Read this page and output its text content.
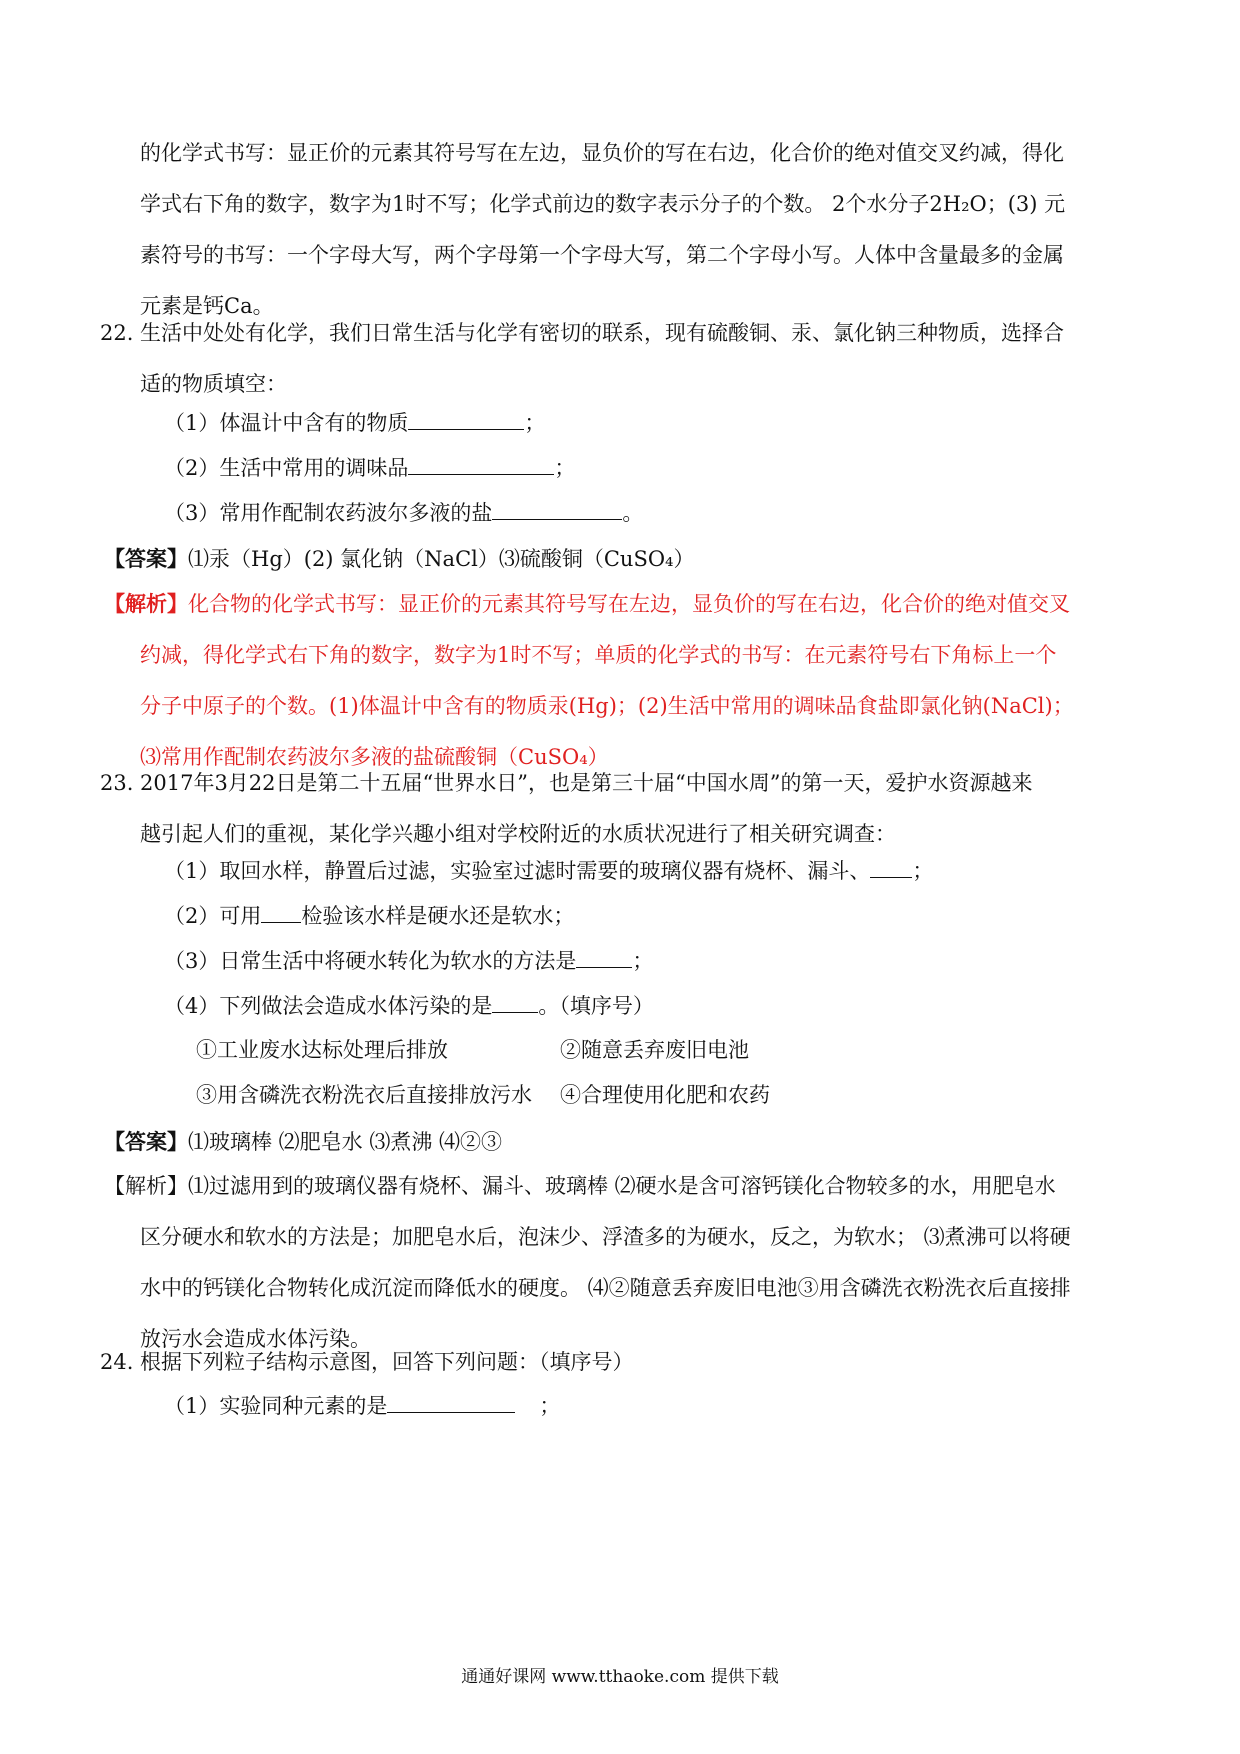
的化学式书写：显正价的元素其符号写在左边，显负价的写在右边，化合价的绝对值交叉约减，得化
学式右下角的数字，数字为1时不写；化学式前边的数字表示分子的个数。 2个水分子2H₂O；(3) 元
素符号的书写：一个字母大写，两个字母第一个字母大写，第二个字母小写。人体中含量最多的金属
元素是钙Ca。
22. 生活中处处有化学，我们日常生活与化学有密切的联系，现有硫酸铜、汞、氯化钠三种物质，选择合
适的物质填空：
（1）体温计中含有的物质	；
（2）生活中常用的调味品	；
（3）常用作配制农药波尔多液的盐	。
【答案】⑴汞（Hg）(2) 氯化钠（NaCl）⑶硫酸铜（CuSO₄）
【解析】化合物的化学式书写：显正价的元素其符号写在左边，显负价的写在右边，化合价的绝对值交叉
约减，得化学式右下角的数字，数字为1时不写；单质的化学式的书写：在元素符号右下角标上一个
分子中原子的个数。(1)体温计中含有的物质汞(Hg)；(2)生活中常用的调味品食盐即氯化钠(NaCl)；
⑶常用作配制农药波尔多液的盐硫酸铜（CuSO₄）
23. 2017年3月22日是第二十五届“世界水日”，也是第三十届“中国水周”的第一天，爱护水资源越来
越引起人们的重视，某化学兴趣小组对学校附近的水质状况进行了相关研究调查：
（1）取回水样，静置后过滤，实验室过滤时需要的玻璃仪器有烧杯、漏斗、 ；
（2）可用 检验该水样是硬水还是软水；
（3）日常生活中将硬水转化为软水的方法是	；
（4）下列做法会造成水体污染的是 。（填序号）
①工业废水达标处理后排放	②随意丢弃废旧电池
③用含磷洗衣粉洗衣后直接排放污水 ④合理使用化肥和农药
【答案】⑴玻璃棒 ⑵肥皂水 ⑶煮沸 ⑷②③
【解析】⑴过滤用到的玻璃仪器有烧杯、漏斗、玻璃棒 ⑵硬水是含可溶钙镁化合物较多的水，用肥皂水
区分硬水和软水的方法是；加肥皂水后，泡沫少、浮渣多的为硬水，反之，为软水； ⑶煮沸可以将硬
水中的钙镁化合物转化成沉淀而降低水的硬度。 ⑷②随意丢弃废旧电池③用含磷洗衣粉洗衣后直接排
放污水会造成水体污染。
24. 根据下列粒子结构示意图，回答下列问题：（填序号）
（1）实验同种元素的是	；
通通好课网 www.tthaoke.com 提供下载
